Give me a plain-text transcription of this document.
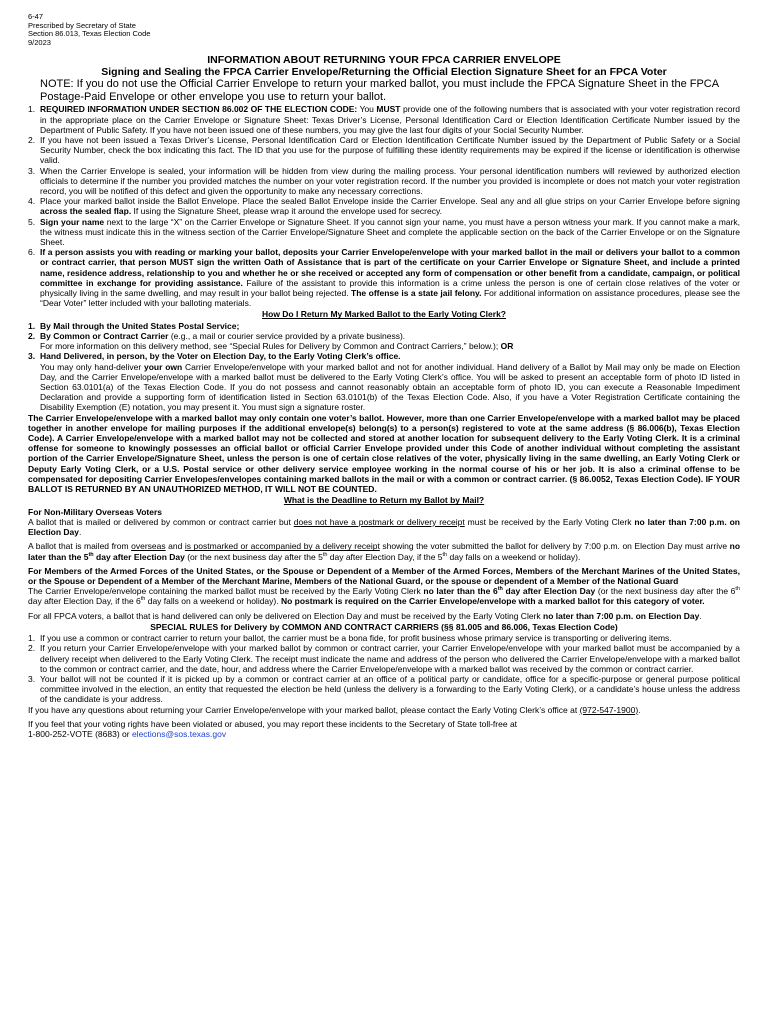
6-47
Prescribed by Secretary of State
Section 86.013, Texas Election Code
9/2023
INFORMATION ABOUT RETURNING YOUR FPCA CARRIER ENVELOPE
Signing and Sealing the FPCA Carrier Envelope/Returning the Official Election Signature Sheet for an FPCA Voter
NOTE: If you do not use the Official Carrier Envelope to return your marked ballot, you must include the FPCA Signature Sheet in the FPCA Postage-Paid Envelope or other envelope you use to return your ballot.
1. REQUIRED INFORMATION UNDER SECTION 86.002 OF THE ELECTION CODE: You MUST provide one of the following numbers that is associated with your voter registration record in the appropriate place on the Carrier Envelope or Signature Sheet: Texas Driver’s License, Personal Identification Card or Election Identification Certificate Number issued by the Department of Public Safety. If you have not been issued one of these numbers, you may give the last four digits of your Social Security Number.
2. If you have not been issued a Texas Driver’s License, Personal Identification Card or Election Identification Certificate Number issued by the Department of Public Safety or a Social Security Number, check the box indicating this fact. The ID that you use for the purpose of fulfilling these identity requirements may be expired if the license or identification is otherwise valid.
3. When the Carrier Envelope is sealed, your information will be hidden from view during the mailing process. Your personal identification numbers will reviewed by authorized election officials to determine if the number you provided matches the number on your voter registration record. If the number you provided is incomplete or does not match your voter registration record, you will be notified of this defect and given the opportunity to make any necessary corrections.
4. Place your marked ballot inside the Ballot Envelope. Place the sealed Ballot Envelope inside the Carrier Envelope. Seal any and all glue strips on your Carrier Envelope before signing across the sealed flap. If using the Signature Sheet, please wrap it around the envelope used for secrecy.
5. Sign your name next to the large “X” on the Carrier Envelope or Signature Sheet. If you cannot sign your name, you must have a person witness your mark. If you cannot make a mark, the witness must indicate this in the witness section of the Carrier Envelope/Signature Sheet and complete the applicable section on the back of the Carrier Envelope or on the Signature Sheet.
6. If a person assists you with reading or marking your ballot, deposits your Carrier Envelope/envelope with your marked ballot in the mail or delivers your ballot to a common or contract carrier, that person MUST sign the written Oath of Assistance that is part of the certificate on your Carrier Envelope or Signature Sheet, and include a printed name, residence address, relationship to you and whether he or she received or accepted any form of compensation or other benefit from a candidate, campaign, or political committee in exchange for providing assistance. Failure of the assistant to provide this information is a crime unless the person is one of certain close relatives of the voter or physically living in the same dwelling, and may result in your ballot being rejected. The offense is a state jail felony. For additional information on assistance procedures, please see the “Dear Voter” letter included with your balloting materials.
How Do I Return My Marked Ballot to the Early Voting Clerk?
1. By Mail through the United States Postal Service;
2. By Common or Contract Carrier (e.g., a mail or courier service provided by a private business).
For more information on this delivery method, see “Special Rules for Delivery by Common and Contract Carriers,” below.); OR
3. Hand Delivered, in person, by the Voter on Election Day, to the Early Voting Clerk’s office.
You may only hand-deliver your own Carrier Envelope/envelope with your marked ballot and not for another individual. Hand delivery of a Ballot by Mail may only be made on Election Day, and the Carrier Envelope/envelope with a marked ballot must be delivered to the Early Voting Clerk’s office. You will be asked to present an acceptable form of photo ID listed in Section 63.0101(a) of the Texas Election Code. If you do not possess and cannot reasonably obtain an acceptable form of photo ID, you can execute a Reasonable Impediment Declaration and provide a supporting form of identification listed in Section 63.0101(b) of the Texas Election Code. Also, if you have a Voter Registration Certificate containing the Disability Exemption (E) notation, you may present it. You must sign a signature roster.
The Carrier Envelope/envelope with a marked ballot may only contain one voter’s ballot. However, more than one Carrier Envelope/envelope with a marked ballot may be placed together in another envelope for mailing purposes if the additional envelope(s) belong(s) to a person(s) registered to vote at the same address (§ 86.006(b), Texas Election Code). A Carrier Envelope/envelope with a marked ballot may not be collected and stored at another location for subsequent delivery to the Early Voting Clerk. It is a criminal offense for someone to knowingly possesses an official ballot or official Carrier Envelope provided under this Code of another individual without completing the assistant portion of the Carrier Envelope/Signature Sheet, unless the person is one of certain close relatives of the voter, physically living in the same dwelling, an Early Voting Clerk or Deputy Early Voting Clerk, or a U.S. Postal service or other delivery service employee working in the normal course of his or her job. It is also a criminal offense to be compensated for depositing Carrier Envelopes/envelopes containing marked ballots in the mail or with a common or contract carrier. (§ 86.0052, Texas Election Code). IF YOUR BALLOT IS RETURNED BY AN UNAUTHORIZED METHOD, IT WILL NOT BE COUNTED.
What is the Deadline to Return my Ballot by Mail?
For Non-Military Overseas Voters
A ballot that is mailed or delivered by common or contract carrier but does not have a postmark or delivery receipt must be received by the Early Voting Clerk no later than 7:00 p.m. on Election Day.
A ballot that is mailed from overseas and is postmarked or accompanied by a delivery receipt showing the voter submitted the ballot for delivery by 7:00 p.m. on Election Day must arrive no later than the 5th day after Election Day (or the next business day after the 5th day after Election Day, if the 5th day falls on a weekend or holiday).
For Members of the Armed Forces of the United States, or the Spouse or Dependent of a Member of the Armed Forces, Members of the Merchant Marines of the United States, or the Spouse or Dependent of a Member of the Merchant Marine, Members of the National Guard, or the spouse or dependent of a Member of the National Guard
The Carrier Envelope/envelope containing the marked ballot must be received by the Early Voting Clerk no later than the 6th day after Election Day (or the next business day after the 6th day after Election Day, if the 6th day falls on a weekend or holiday). No postmark is required on the Carrier Envelope/envelope with a marked ballot for this category of voter.
For all FPCA voters, a ballot that is hand delivered can only be delivered on Election Day and must be received by the Early Voting Clerk no later than 7:00 p.m. on Election Day.
SPECIAL RULES for Delivery by COMMON AND CONTRACT CARRIERS (§§ 81.005 and 86.006, Texas Election Code)
1. If you use a common or contract carrier to return your ballot, the carrier must be a bona fide, for profit business whose primary service is transporting or delivering items.
2. If you return your Carrier Envelope/envelope with your marked ballot by common or contract carrier, your Carrier Envelope/envelope with your marked ballot must be accompanied by a delivery receipt when delivered to the Early Voting Clerk. The receipt must indicate the name and address of the person who delivered the Carrier Envelope/envelope with a marked ballot to the common or contract carrier, and the date, hour, and address where the Carrier Envelope/envelope with a marked ballot was received by the common or contract carrier.
3. Your ballot will not be counted if it is picked up by a common or contract carrier at an office of a political party or candidate, office for a specific-purpose or general purpose political committee involved in the election, an entity that requested the election be held (unless the delivery is a forwarding to the Early Voting Clerk), or a candidate’s house unless the address of the candidate is your address.
If you have any questions about returning your Carrier Envelope/envelope with your marked ballot, please contact the Early Voting Clerk’s office at (972-547-1900).
If you feel that your voting rights have been violated or abused, you may report these incidents to the Secretary of State toll-free at
1-800-252-VOTE (8683) or elections@sos.texas.gov
